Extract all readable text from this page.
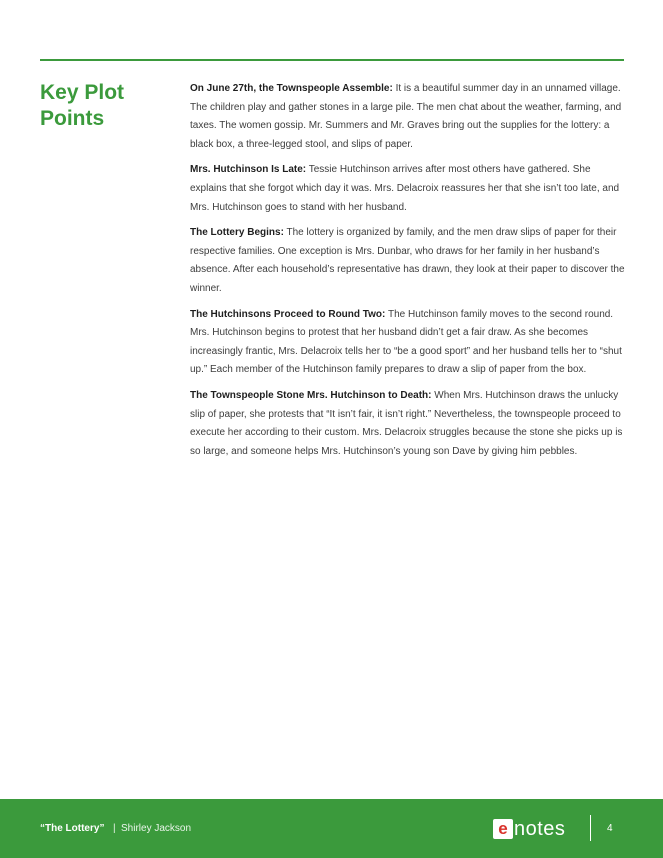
Key Plot Points

On June 27th, the Townspeople Assemble: It is a beautiful summer day in an unnamed village. The children play and gather stones in a large pile. The men chat about the weather, farming, and taxes. The women gossip. Mr. Summers and Mr. Graves bring out the supplies for the lottery: a black box, a three-legged stool, and slips of paper.

Mrs. Hutchinson Is Late: Tessie Hutchinson arrives after most others have gathered. She explains that she forgot which day it was. Mrs. Delacroix reassures her that she isn’t too late, and Mrs. Hutchinson goes to stand with her husband.

The Lottery Begins: The lottery is organized by family, and the men draw slips of paper for their respective families. One exception is Mrs. Dunbar, who draws for her family in her husband’s absence. After each household’s representative has drawn, they look at their paper to discover the winner.

The Hutchinsons Proceed to Round Two: The Hutchinson family moves to the second round. Mrs. Hutchinson begins to protest that her husband didn’t get a fair draw. As she becomes increasingly frantic, Mrs. Delacroix tells her to “be a good sport” and her husband tells her to “shut up.” Each member of the Hutchinson family prepares to draw a slip of paper from the box.

The Townspeople Stone Mrs. Hutchinson to Death: When Mrs. Hutchinson draws the unlucky slip of paper, she protests that “It isn’t fair, it isn’t right.” Nevertheless, the townspeople proceed to execute her according to their custom. Mrs. Delacroix struggles because the stone she picks up is so large, and someone helps Mrs. Hutchinson’s young son Dave by giving him pebbles.

“The Lottery” | Shirley Jackson	e notes	4
